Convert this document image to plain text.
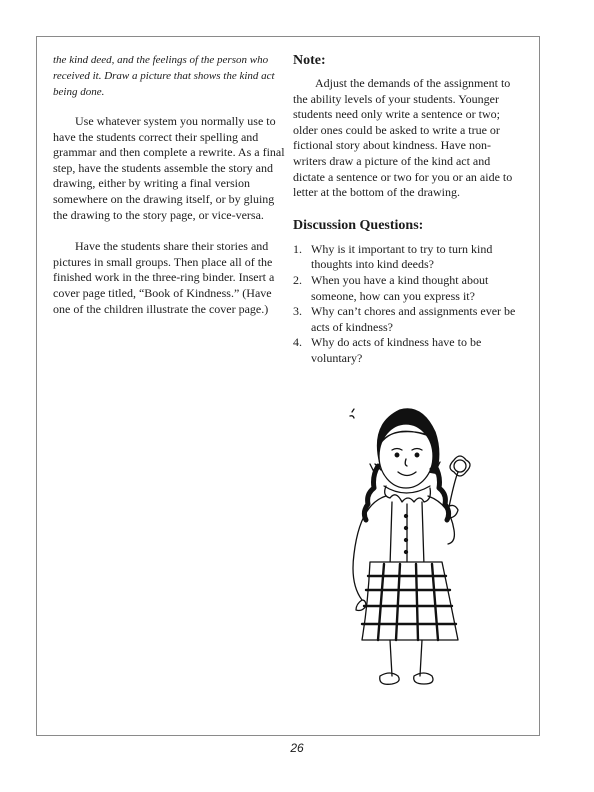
the kind deed, and the feelings of the person who received it. Draw a picture that shows the kind act being done.

Use whatever system you normally use to have the students correct their spelling and grammar and then complete a rewrite. As a final step, have the students assemble the story and drawing, either by writing a final version somewhere on the drawing itself, or by gluing the drawing to the story page, or vice-versa.

Have the students share their stories and pictures in small groups. Then place all of the finished work in the three-ring binder. Insert a cover page titled, “Book of Kindness.” (Have one of the children illustrate the cover page.)

Note:

Adjust the demands of the assignment to the ability levels of your students. Younger students need only write a sentence or two; older ones could be asked to write a true or fictional story about kindness. Have non-writers draw a picture of the kind act and dictate a sentence or two for you or an aide to letter at the bottom of the drawing.

Discussion Questions:
1. Why is it important to try to turn kind thoughts into kind deeds?
2. When you have a kind thought about someone, how can you express it?
3. Why can’t chores and assignments ever be acts of kindness?
4. Why do acts of kindness have to be voluntary?
26
